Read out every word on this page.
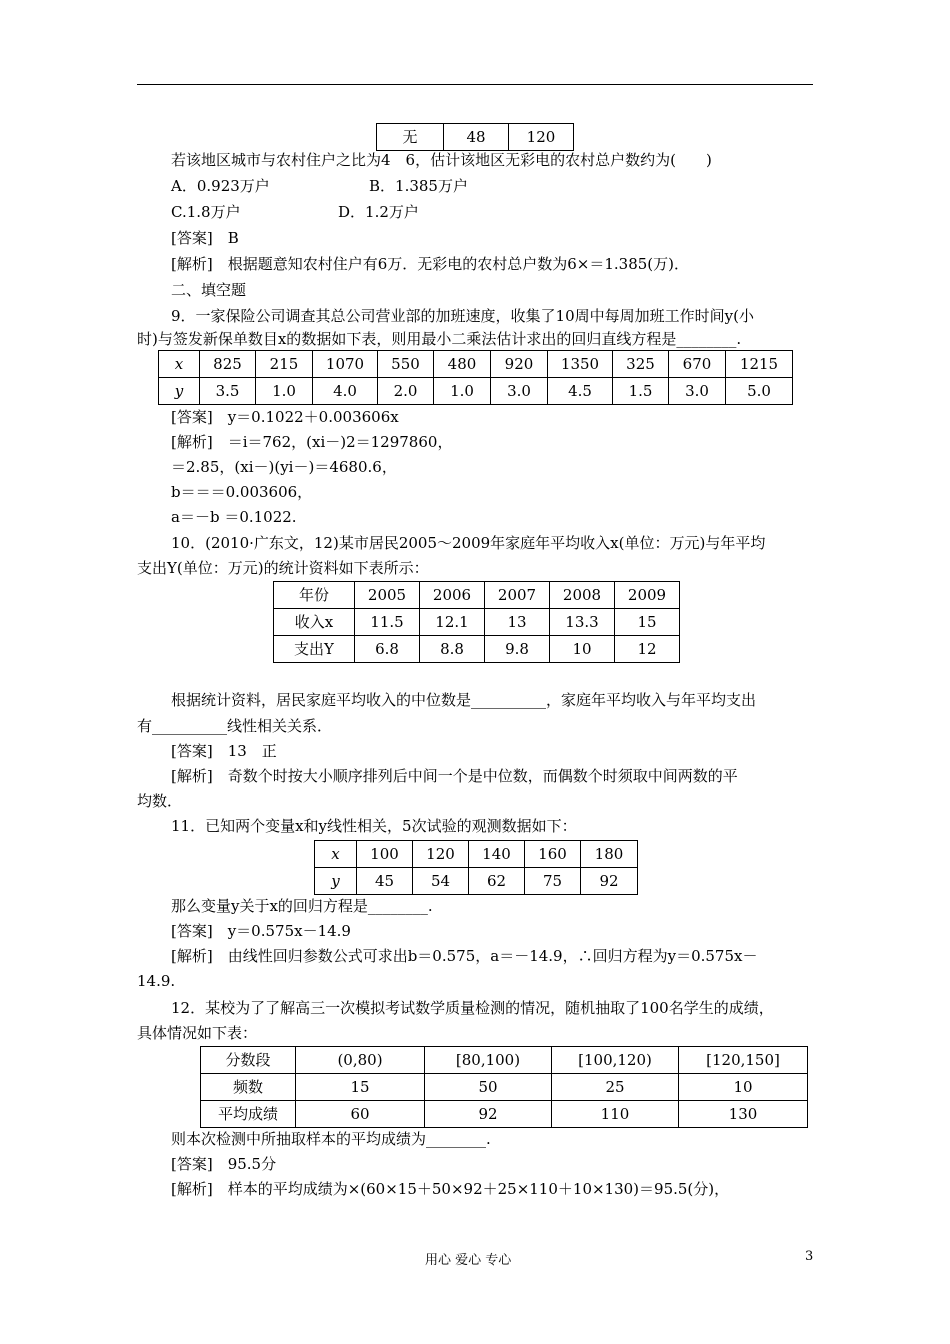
无	48	120
若该地区城市与农村住户之比为4　6，估计该地区无彩电的农村总户数约为(　　)
A．0.923万户	B．1.385万户
C.1.8万户	D．1.2万户
[答案]　B
[解析]　根据题意知农村住户有6万．无彩电的农村总户数为6×＝1.385(万)．
二、填空题
9．一家保险公司调查其总公司营业部的加班速度，收集了10周中每周加班工作时间y(小
时)与签发新保单数目x的数据如下表，则用最小二乘法估计求出的回归直线方程是________.
x	825	215	1070	550	480	920	1350	325	670	1215
y	3.5	1.0	4.0	2.0	1.0	3.0	4.5	1.5	3.0	5.0
[答案]　y＝0.1022＋0.003606x
[解析]　＝i＝762，(xi－)2＝1297860，
＝2.85，(xi－)(yi－)＝4680.6，
b＝＝＝0.003606，
a＝－b ＝0.1022.
10．(2010·广东文，12)某市居民2005～2009年家庭年平均收入x(单位：万元)与年平均
支出Y(单位：万元)的统计资料如下表所示：
年份	2005	2006	2007	2008	2009
收入x	11.5	12.1	13	13.3	15
支出Y	6.8	8.8	9.8	10	12
根据统计资料，居民家庭平均收入的中位数是__________，家庭年平均收入与年平均支出
有__________线性相关关系．
[答案]　13　正
[解析]　奇数个时按大小顺序排列后中间一个是中位数，而偶数个时须取中间两数的平
均数．
11．已知两个变量x和y线性相关，5次试验的观测数据如下：
x	100	120	140	160	180
y	45	54	62	75	92
那么变量y关于x的回归方程是________.
[答案]　y＝0.575x－14.9
[解析]　由线性回归参数公式可求出b＝0.575，a＝－14.9，∴回归方程为y＝0.575x－
14.9.
12．某校为了了解高三一次模拟考试数学质量检测的情况，随机抽取了100名学生的成绩，
具体情况如下表：
分数段	(0,80)	[80,100)	[100,120)	[120,150]
频数	15	50	25	10
平均成绩	60	92	110	130
则本次检测中所抽取样本的平均成绩为________.
[答案]　95.5分
[解析]　样本的平均成绩为×(60×15＋50×92＋25×110＋10×130)＝95.5(分)，
用心 爱心 专心	3
